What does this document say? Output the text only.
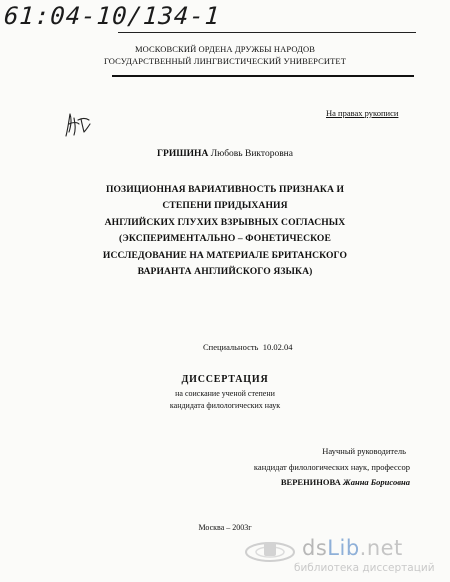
61:04-10/134-1
МОСКОВСКИЙ ОРДЕНА ДРУЖБЫ НАРОДОВ
ГОСУДАРСТВЕННЫЙ ЛИНГВИСТИЧЕСКИЙ УНИВЕРСИТЕТ
На правах рукописи
ГРИШИНА Любовь Викторовна
ПОЗИЦИОННАЯ ВАРИАТИВНОСТЬ ПРИЗНАКА И
СТЕПЕНИ ПРИДЫХАНИЯ
АНГЛИЙСКИХ ГЛУХИХ ВЗРЫВНЫХ СОГЛАСНЫХ
(ЭКСПЕРИМЕНТАЛЬНО – ФОНЕТИЧЕСКОЕ
ИССЛЕДОВАНИЕ НА МАТЕРИАЛЕ БРИТАНСКОГО
ВАРИАНТА АНГЛИЙСКОГО ЯЗЫКА)
Специальность 10.02.04
ДИССЕРТАЦИЯ
на соискание ученой степени
кандидата филологических наук
Научный руководитель
кандидат филологических наук, профессор
ВЕРЕНИНОВА Жанна Борисовна
Москва – 2003г
dsLib.net
библиотека диссертаций
